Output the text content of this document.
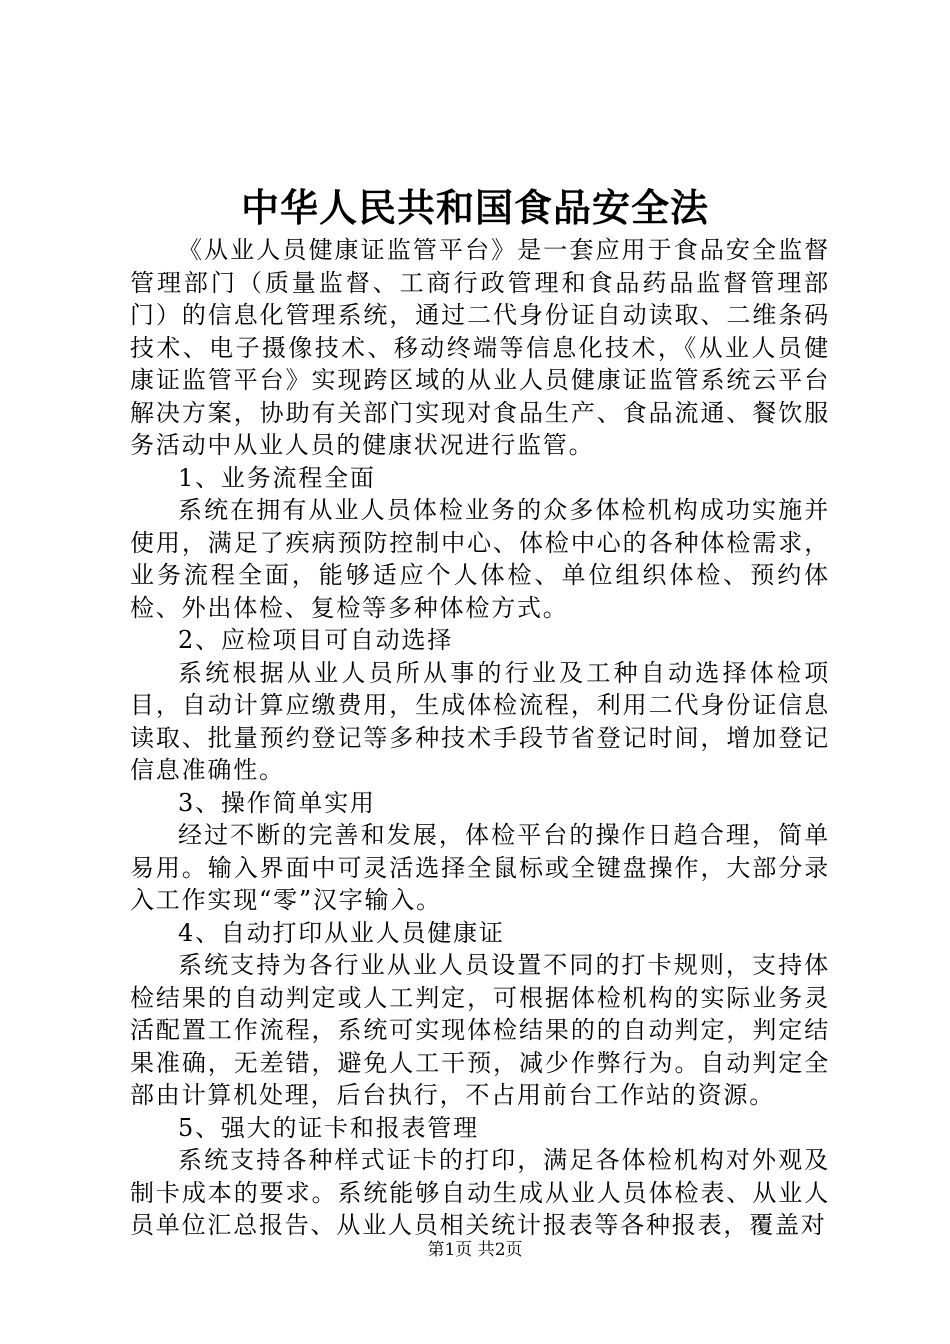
中华人民共和国食品安全法

《从业人员健康证监管平台》是一套应用于食品安全监督管理部门（质量监督、工商行政管理和食品药品监督管理部门）的信息化管理系统，通过二代身份证自动读取、二维条码技术、电子摄像技术、移动终端等信息化技术，《从业人员健康证监管平台》实现跨区域的从业人员健康证监管系统云平台解决方案，协助有关部门实现对食品生产、食品流通、餐饮服务活动中从业人员的健康状况进行监管。

1、业务流程全面

系统在拥有从业人员体检业务的众多体检机构成功实施并使用，满足了疾病预防控制中心、体检中心的各种体检需求，业务流程全面，能够适应个人体检、单位组织体检、预约体检、外出体检、复检等多种体检方式。

2、应检项目可自动选择

系统根据从业人员所从事的行业及工种自动选择体检项目，自动计算应缴费用，生成体检流程，利用二代身份证信息读取、批量预约登记等多种技术手段节省登记时间，增加登记信息准确性。

3、操作简单实用

经过不断的完善和发展，体检平台的操作日趋合理，简单易用。输入界面中可灵活选择全鼠标或全键盘操作，大部分录入工作实现“零”汉字输入。

4、自动打印从业人员健康证

系统支持为各行业从业人员设置不同的打卡规则，支持体检结果的自动判定或人工判定，可根据体检机构的实际业务灵活配置工作流程，系统可实现体检结果的的自动判定，判定结果准确，无差错，避免人工干预，减少作弊行为。自动判定全部由计算机处理，后台执行，不占用前台工作站的资源。

5、强大的证卡和报表管理

系统支持各种样式证卡的打印，满足各体检机构对外观及制卡成本的要求。系统能够自动生成从业人员体检表、从业人员单位汇总报告、从业人员相关统计报表等各种报表，覆盖对

第1页 共2页
